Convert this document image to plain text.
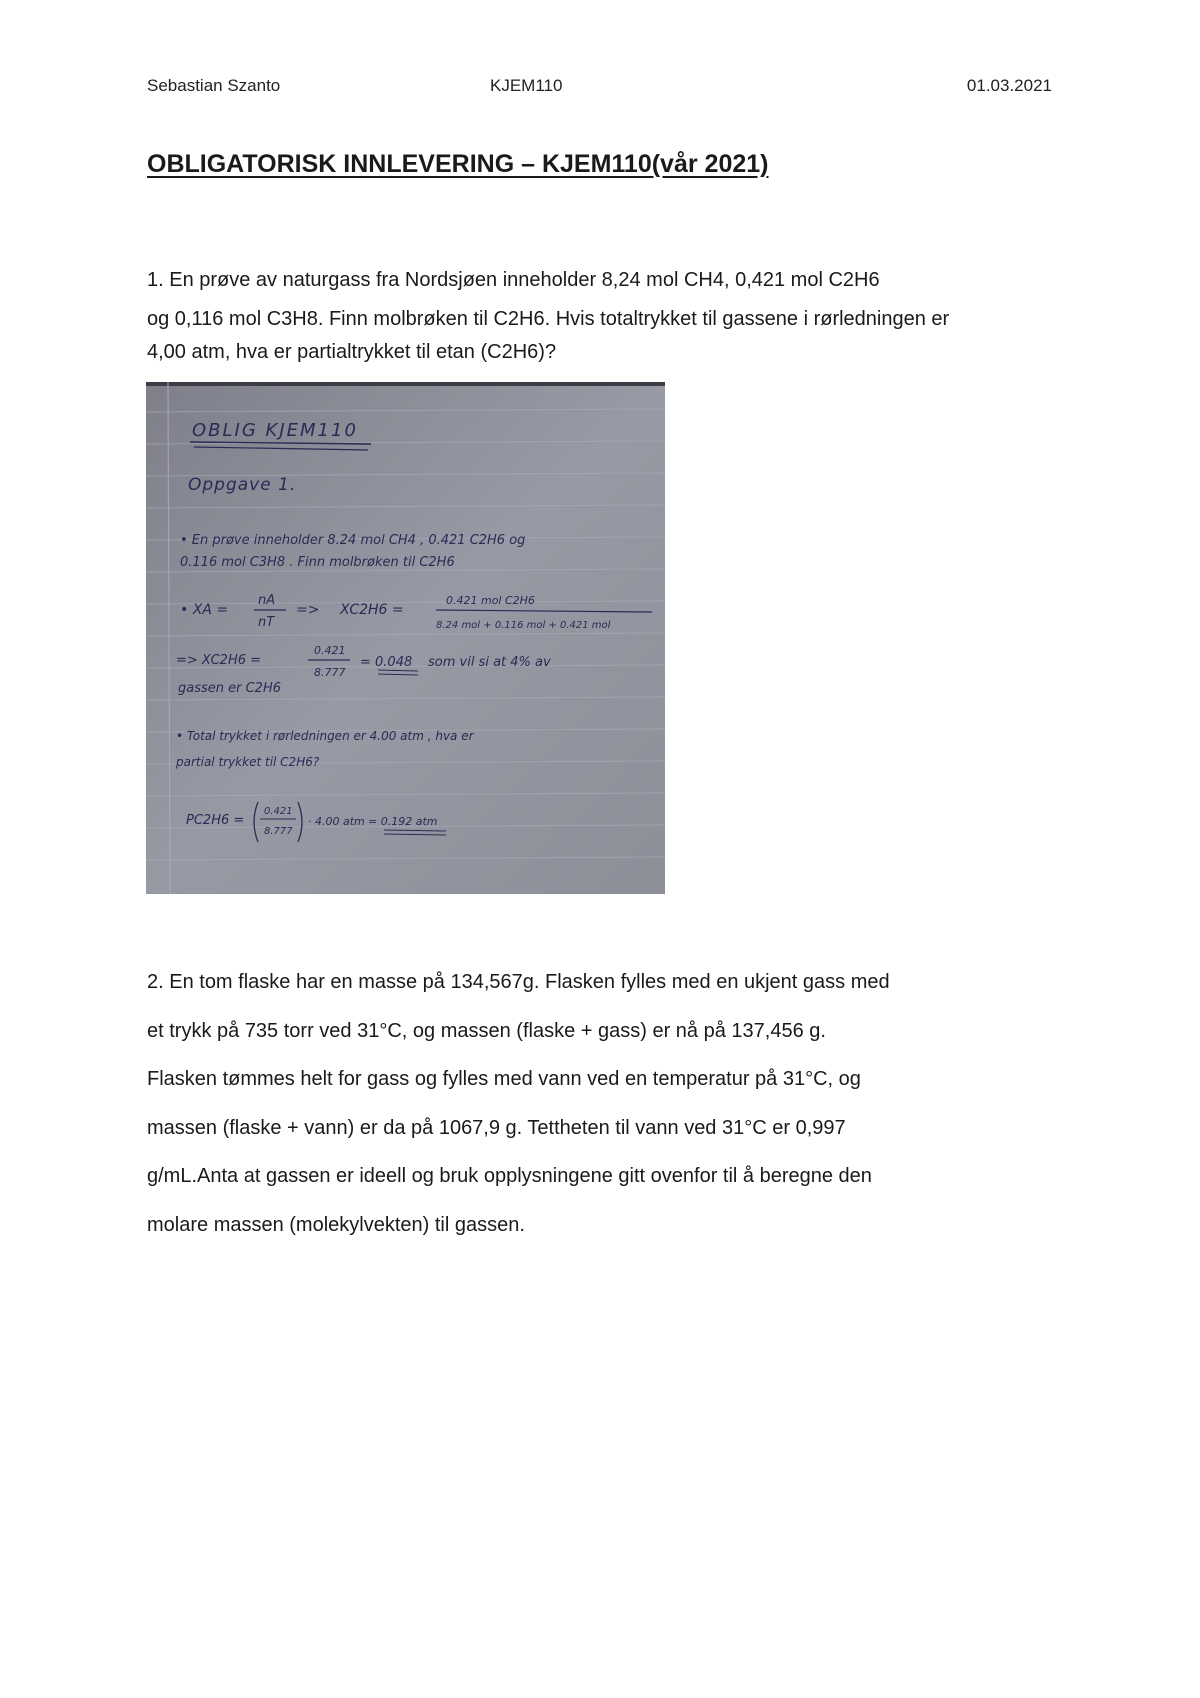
Sebastian Szanto	KJEM110	01.03.2021
OBLIGATORISK INNLEVERING – KJEM110(vår 2021)

1. En prøve av naturgass fra Nordsjøen inneholder 8,24 mol CH4, 0,421 mol C2H6

og 0,116 mol C3H8. Finn molbrøken til C2H6. Hvis totaltrykket til gassene i rørledningen er
4,00 atm, hva er partialtrykket til etan (C2H6)?

OBLIG KJEM110
Oppgave 1.
• En prøve inneholder 8.24 mol CH4 , 0.421 C2H6 og
0.116 mol C3H8 . Finn molbrøken til C2H6
• XA =
nA
nT
=> XC2H6 =
0.421 mol C2H6
8.24 mol + 0.116 mol + 0.421 mol
=> XC2H6 =
0.421
8.777
= 0.048 som vil si at 4% av
gassen er C2H6
• Total trykket i rørledningen er 4.00 atm , hva er
partial trykket til C2H6?
PC2H6 =
0.421
8.777
· 4.00 atm = 0.192 atm

2. En tom flaske har en masse på 134,567g. Flasken fylles med en ukjent gass med
et trykk på 735 torr ved 31°C, og massen (flaske + gass) er nå på 137,456 g.
Flasken tømmes helt for gass og fylles med vann ved en temperatur på 31°C, og
massen (flaske + vann) er da på 1067,9 g. Tettheten til vann ved 31°C er 0,997
g/mL.Anta at gassen er ideell og bruk opplysningene gitt ovenfor til å beregne den
molare massen (molekylvekten) til gassen.
